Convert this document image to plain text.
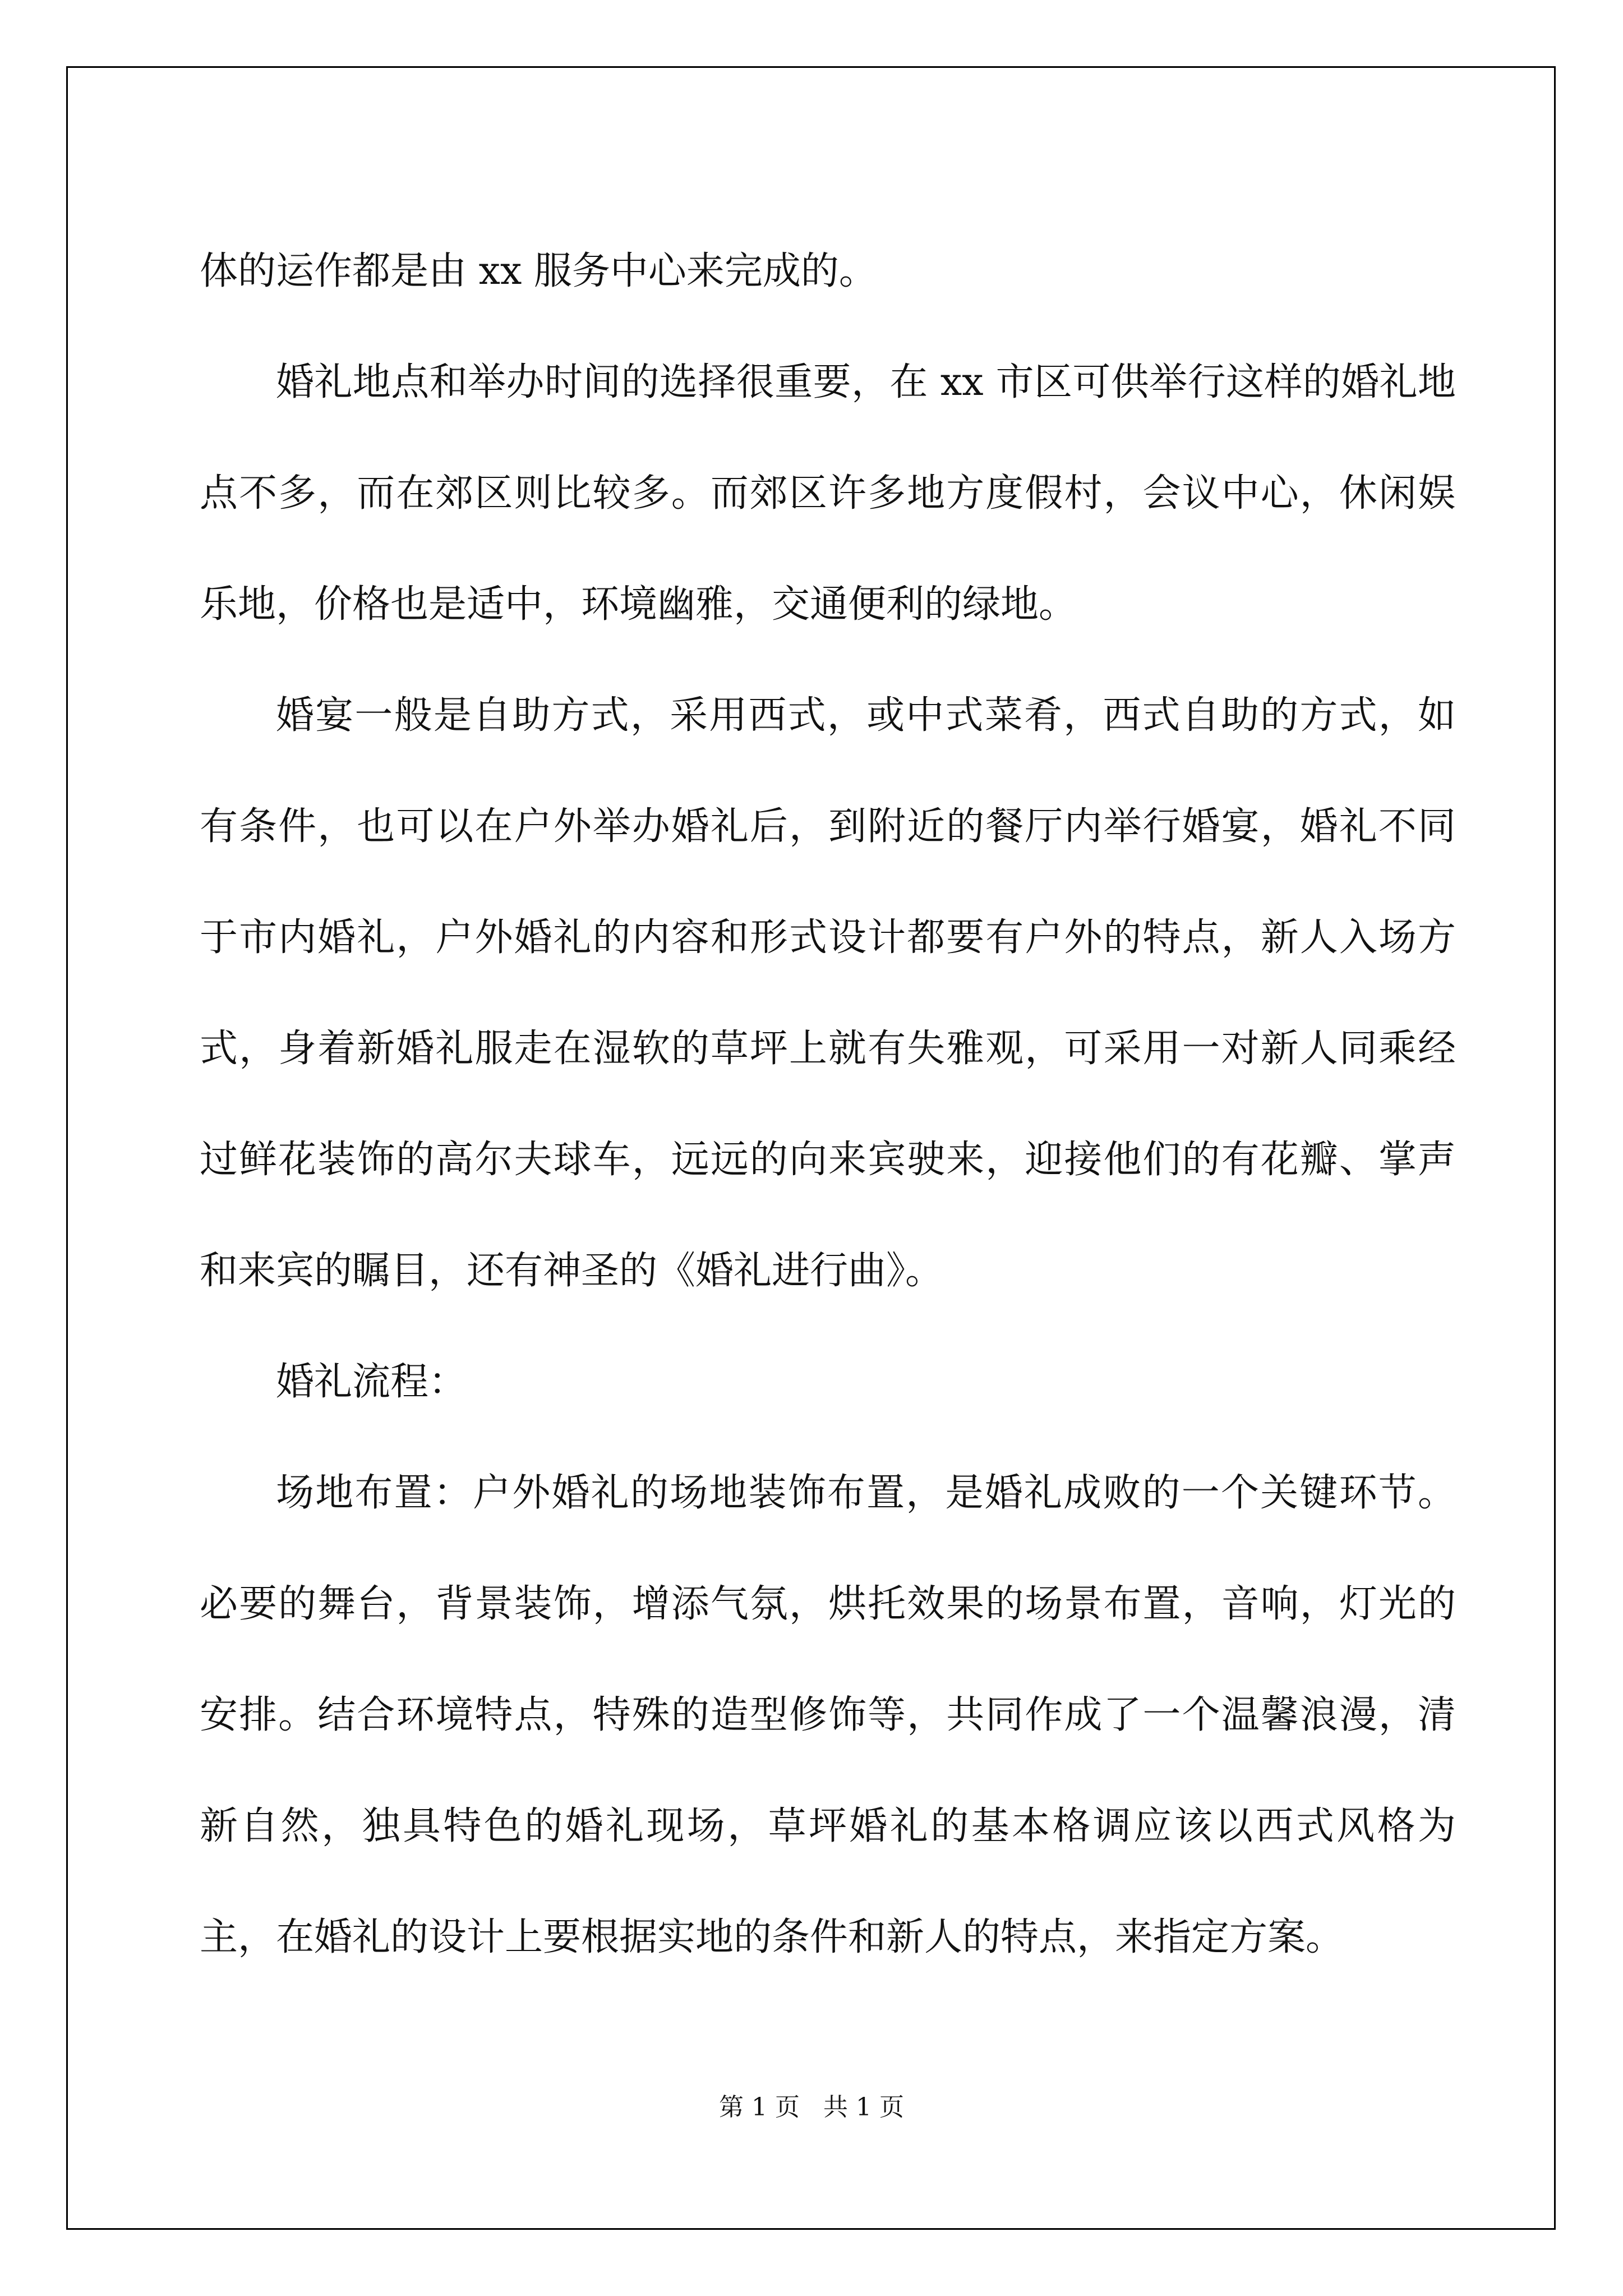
体的运作都是由 xx 服务中心来完成的。

婚礼地点和举办时间的选择很重要，在 xx 市区可供举行这样的婚礼地点不多，而在郊区则比较多。而郊区许多地方度假村，会议中心，休闲娱乐地，价格也是适中，环境幽雅，交通便利的绿地。

婚宴一般是自助方式，采用西式，或中式菜肴，西式自助的方式，如有条件，也可以在户外举办婚礼后，到附近的餐厅内举行婚宴，婚礼不同于市内婚礼，户外婚礼的内容和形式设计都要有户外的特点，新人入场方式，身着新婚礼服走在湿软的草坪上就有失雅观，可采用一对新人同乘经过鲜花装饰的高尔夫球车，远远的向来宾驶来，迎接他们的有花瓣、掌声和来宾的瞩目，还有神圣的《婚礼进行曲》。

婚礼流程：

场地布置：户外婚礼的场地装饰布置，是婚礼成败的一个关键环节。必要的舞台，背景装饰，增添气氛，烘托效果的场景布置，音响，灯光的安排。结合环境特点，特殊的造型修饰等，共同作成了一个温馨浪漫，清新自然，独具特色的婚礼现场，草坪婚礼的基本格调应该以西式风格为主，在婚礼的设计上要根据实地的条件和新人的特点，来指定方案。

第 1 页   共 1 页
